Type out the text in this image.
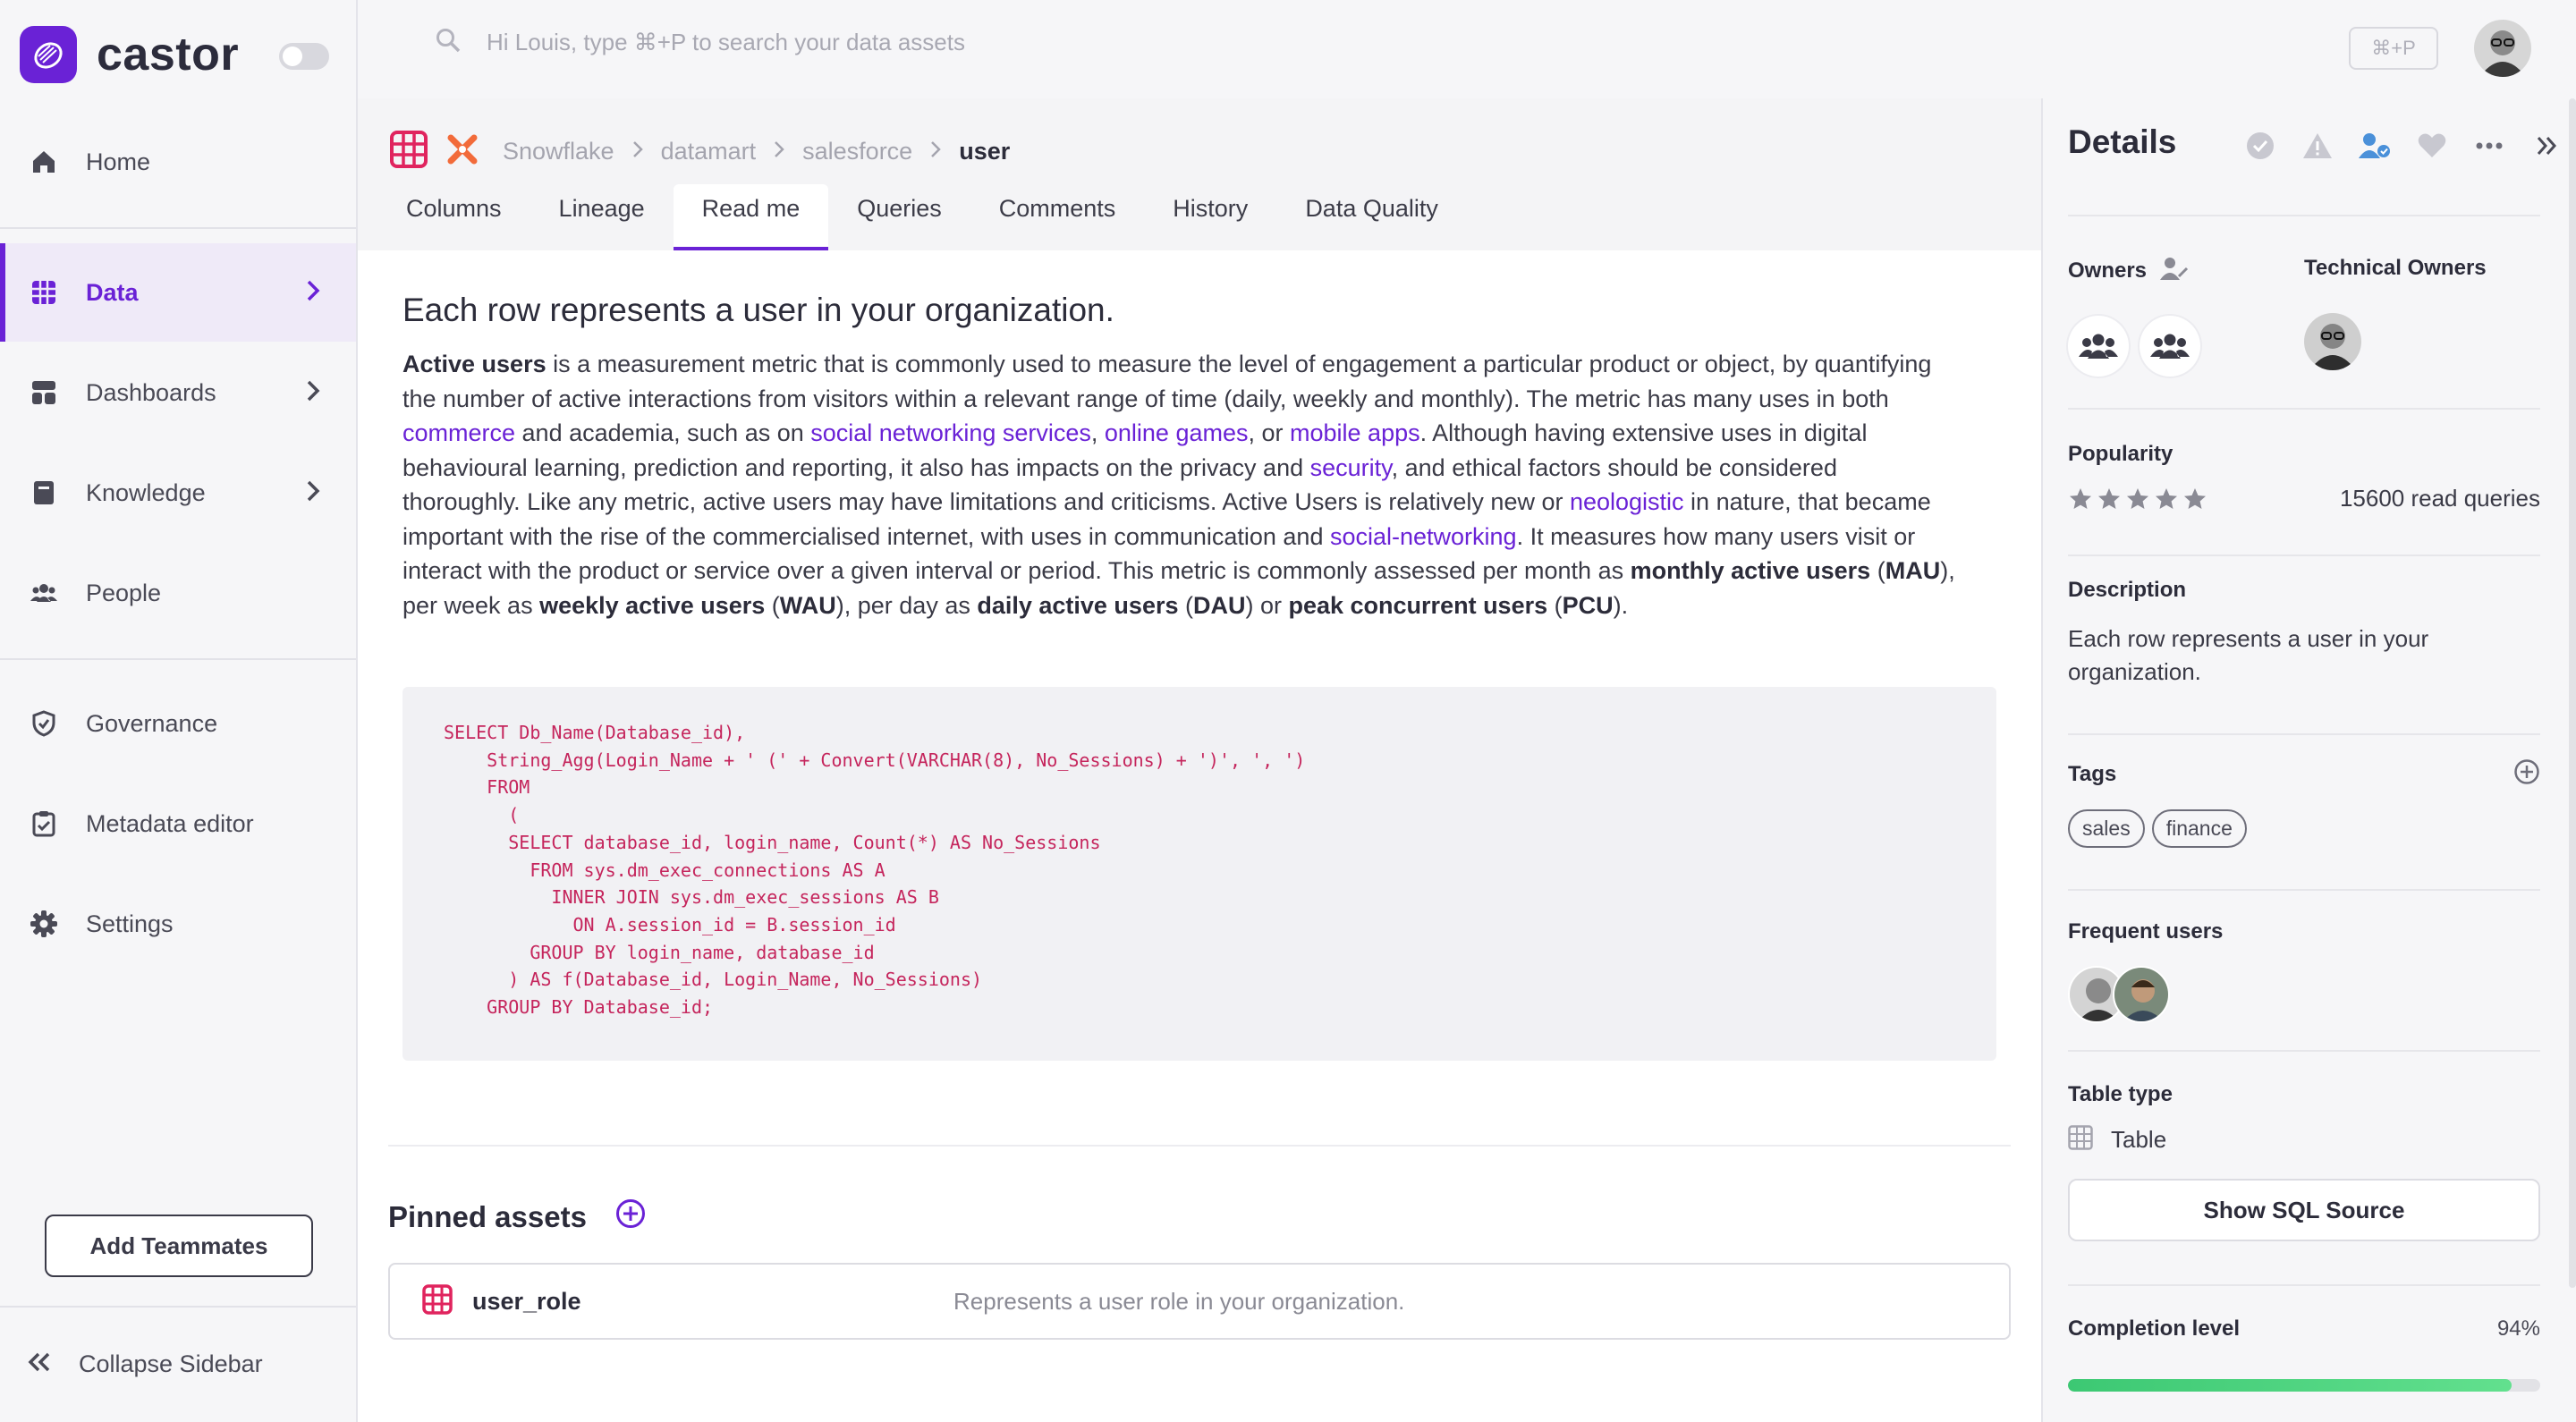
castor
Home
Data
Dashboards
Knowledge
People
Governance
Metadata editor
Settings
Add Teammates
Collapse Sidebar
Hi Louis, type ⌘+P to search your data assets
⌘+P
Snowflake datamart salesforce user
Columns	Lineage	Read me	Queries	Comments	History	Data Quality
Each row represents a user in your organization.

Active users is a measurement metric that is commonly used to measure the level of engagement a particular product or object, by quantifying the number of active interactions from visitors within a relevant range of time (daily, weekly and monthly). The metric has many uses in both commerce and academia, such as on social networking services, online games, or mobile apps. Although having extensive uses in digital behavioural learning, prediction and reporting, it also has impacts on the privacy and security, and ethical factors should be considered thoroughly. Like any metric, active users may have limitations and criticisms. Active Users is relatively new or neologistic in nature, that became important with the rise of the commercialised internet, with uses in communication and social-networking. It measures how many users visit or interact with the product or service over a given interval or period. This metric is commonly assessed per month as monthly active users (MAU), per week as weekly active users (WAU), per day as daily active users (DAU) or peak concurrent users (PCU).

SELECT Db_Name(Database_id),
String_Agg(Login_Name + ' (' + Convert(VARCHAR(8), No_Sessions) + ')', ', ')
FROM
(
SELECT database_id, login_name, Count(*) AS No_Sessions
FROM sys.dm_exec_connections AS A
INNER JOIN sys.dm_exec_sessions AS B
ON A.session_id = B.session_id
GROUP BY login_name, database_id
) AS f(Database_id, Login_Name, No_Sessions)
GROUP BY Database_id;
Pinned assets
user_role	Represents a user role in your organization.
Details
Owners	Technical Owners
Popularity
15600 read queries
Description

Each row represents a user in your organization.

Tags
sales finance
Frequent users
Table type
Table
Show SQL Source
Completion level	94%
